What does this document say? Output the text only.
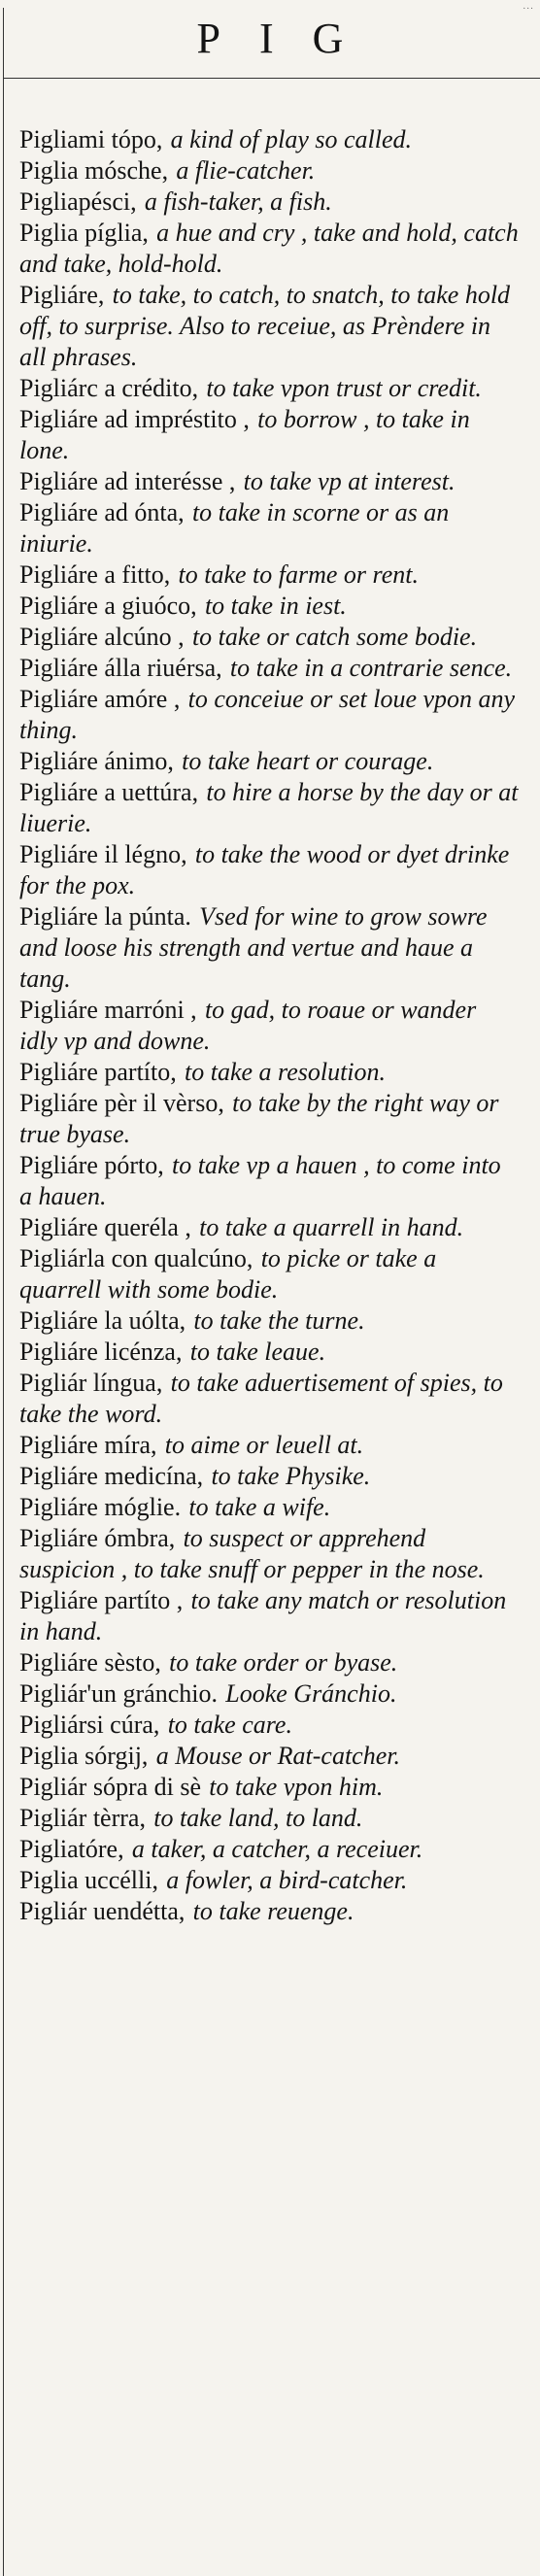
...
PIG
Pigliami tópo, a kind of play so called.
Piglia mósche, a flie-catcher.
Pigliapésci, a fish-taker, a fish.
Piglia píglia, a hue and cry , take and hold, catch and take, hold-hold.
Pigliáre, to take, to catch, to snatch, to take hold off, to surprise. Also to receiue, as Prèndere in all phrases.
Pigliárc a crédito, to take vpon trust or credit.
Pigliáre ad impréstito , to borrow , to take in lone.
Pigliáre ad interésse , to take vp at interest.
Pigliáre ad ónta, to take in scorne or as an iniurie.
Pigliáre a fitto, to take to farme or rent.
Pigliáre a giuóco, to take in iest.
Pigliáre alcúno , to take or catch some bodie.
Pigliáre álla riuérsa, to take in a contrarie sence.
Pigliáre amóre , to conceiue or set loue vpon any thing.
Pigliáre ánimo, to take heart or courage.
Pigliáre a uettúra, to hire a horse by the day or at liuerie.
Pigliáre il légno, to take the wood or dyet drinke for the pox.
Pigliáre la púnta. Vsed for wine to grow sowre and loose his strength and vertue and haue a tang.
Pigliáre marróni , to gad, to roaue or wander idly vp and downe.
Pigliáre partíto, to take a resolution.
Pigliáre pèr il vèrso, to take by the right way or true byase.
Pigliáre pórto, to take vp a hauen , to come into a hauen.
Pigliáre queréla , to take a quarrell in hand.
Pigliárla con qualcúno, to picke or take a quarrell with some bodie.
Pigliáre la uólta, to take the turne.
Pigliáre licénza, to take leaue.
Pigliár língua, to take aduertisement of spies, to take the word.
Pigliáre míra, to aime or leuell at.
Pigliáre medicína, to take Physike.
Pigliáre móglie. to take a wife.
Pigliáre ómbra, to suspect or apprehend suspicion , to take snuff or pepper in the nose.
Pigliáre partíto , to take any match or resolution in hand.
Pigliáre sèsto, to take order or byase.
Pigliár'un gránchio. Looke Gránchio.
Pigliársi cúra, to take care.
Piglia sórgij, a Mouse or Rat-catcher.
Pigliár sópra di sè to take vpon him.
Pigliár tèrra, to take land, to land.
Pigliatóre, a taker, a catcher, a receiuer.
Piglia uccélli, a fowler, a bird-catcher.
Pigliár uendétta, to take reuenge.
